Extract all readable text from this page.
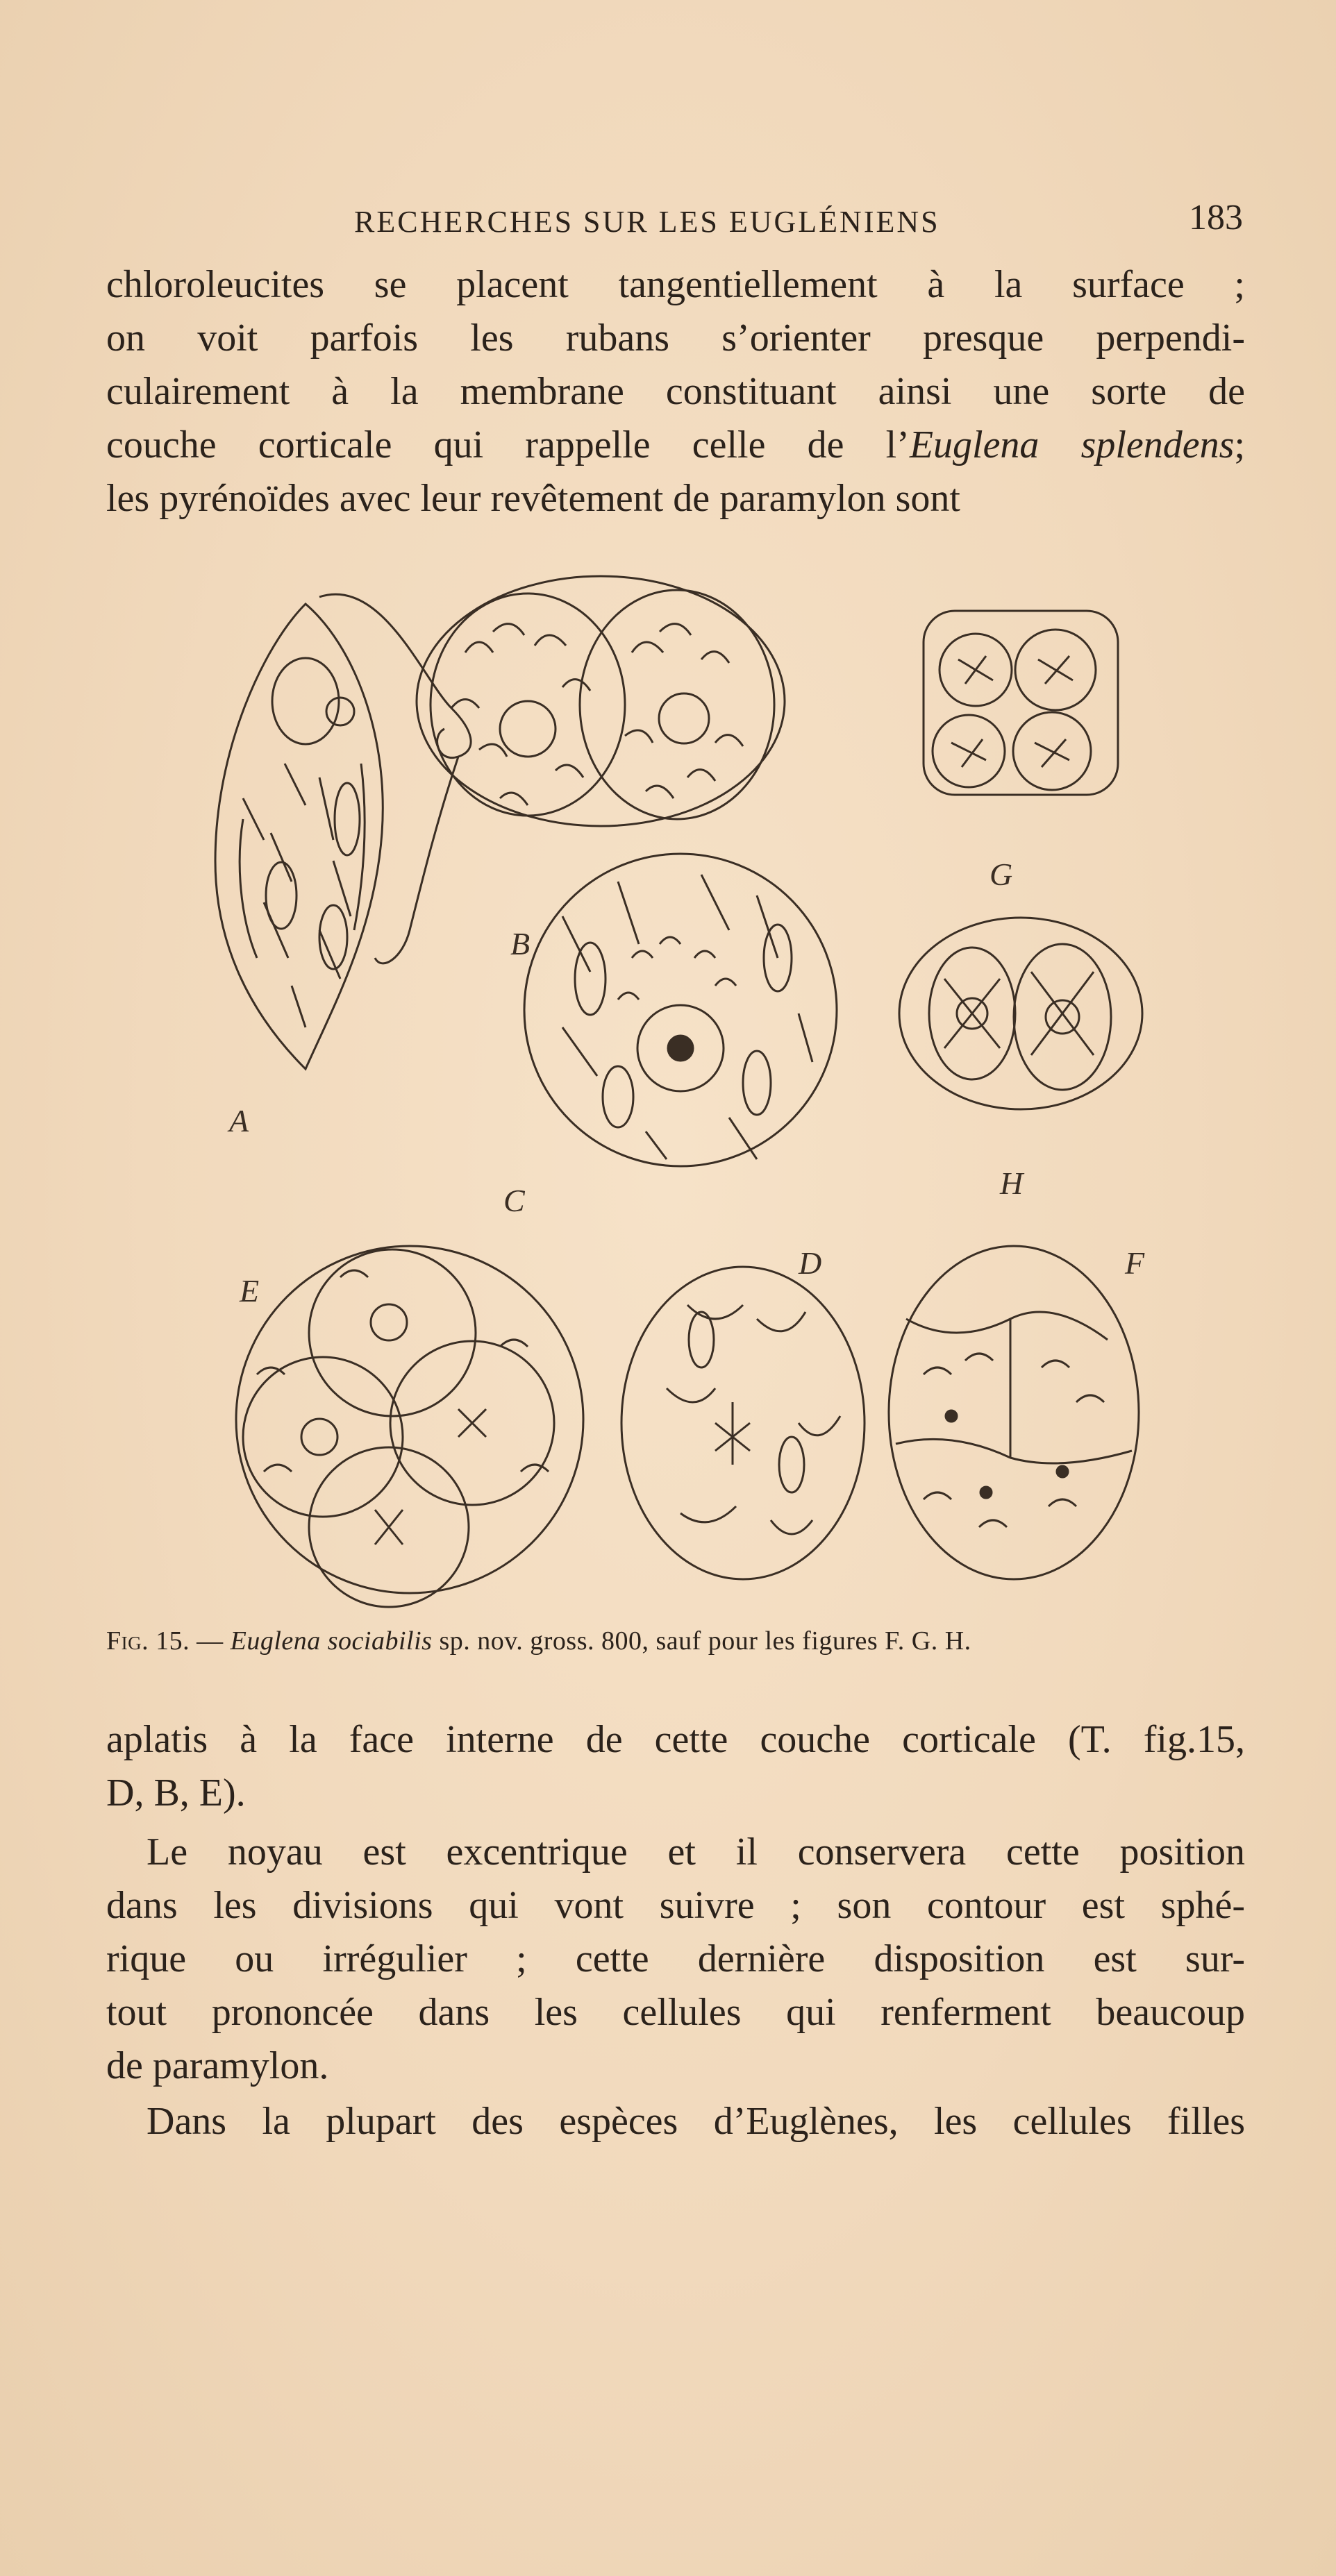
RECHERCHES SUR LES EUGLÉNIENS	183
chloroleucites se placent tangentiellement à la surface ;
on voit parfois les rubans s’orienter presque perpendi-
culairement à la membrane constituant ainsi une sorte de
couche corticale qui rappelle celle de l’Euglena splendens;
les pyrénoïdes avec leur revêtement de paramylon sont
A
B
C
D
E
F
G
H
Fig. 15. — Euglena sociabilis sp. nov. gross. 800, sauf pour les figures F. G. H.
aplatis à la face interne de cette couche corticale (T. fig.15,
D, B, E).
Le noyau est excentrique et il conservera cette position
dans les divisions qui vont suivre ; son contour est sphé-
rique ou irrégulier ; cette dernière disposition est sur-
tout prononcée dans les cellules qui renferment beaucoup
de paramylon.
Dans la plupart des espèces d’Euglènes, les cellules filles
